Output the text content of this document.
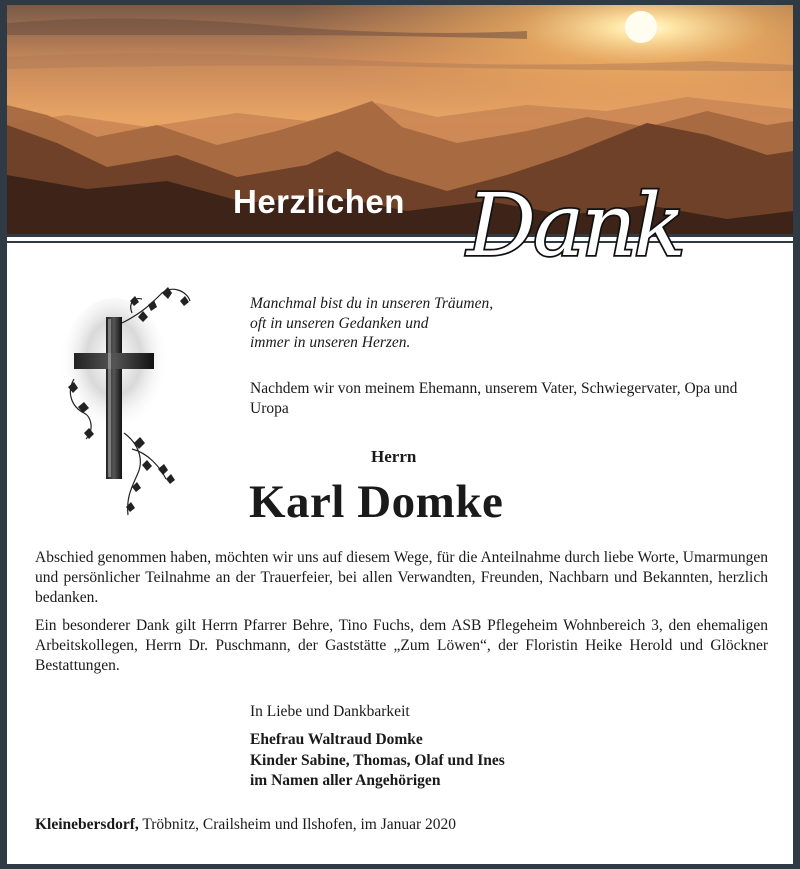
Herzlichen Dank
Manchmal bist du in unseren Träumen,
oft in unseren Gedanken und
immer in unseren Herzen.
Nachdem wir von meinem Ehemann, unserem Vater, Schwiegervater, Opa und Uropa
Herrn
Karl Domke

Abschied genommen haben, möchten wir uns auf diesem Wege, für die Anteilnahme durch liebe Worte, Umarmungen und persönlicher Teilnahme an der Trauerfeier, bei allen Verwandten, Freunden, Nachbarn und Bekannten, herzlich bedanken.

Ein besonderer Dank gilt Herrn Pfarrer Behre, Tino Fuchs, dem ASB Pflegeheim Wohnbereich 3, den ehemaligen Arbeitskollegen, Herrn Dr. Puschmann, der Gaststätte „Zum Löwen“, der Floristin Heike Herold und Glöckner Bestattungen.

In Liebe und Dankbarkeit
Ehefrau Waltraud Domke
Kinder Sabine, Thomas, Olaf und Ines
im Namen aller Angehörigen
Kleinebersdorf, Tröbnitz, Crailsheim und Ilshofen, im Januar 2020
